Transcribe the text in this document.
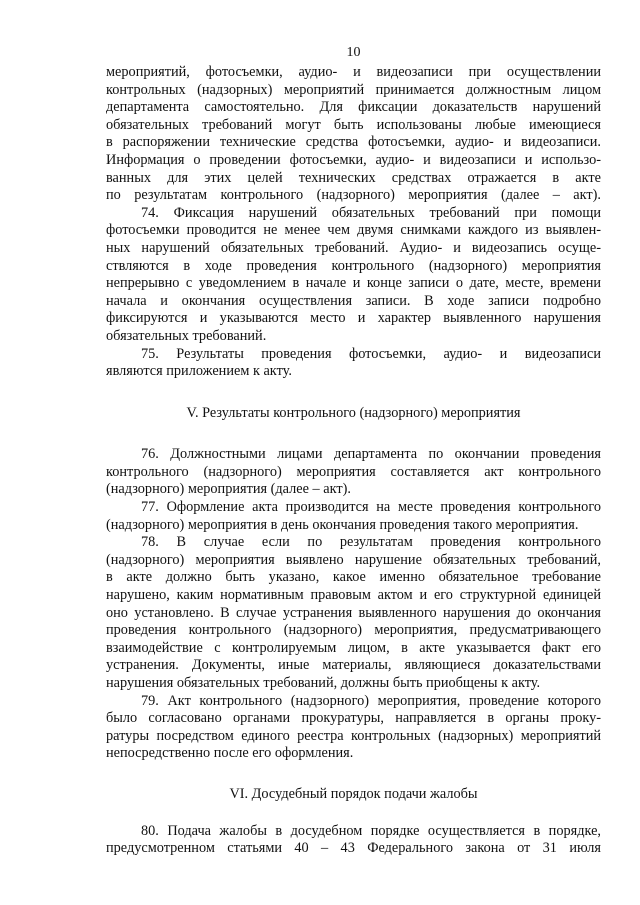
10
мероприятий, фотосъемки, аудио- и видеозаписи при осуществлении
контрольных (надзорных) мероприятий принимается должностным лицом
департамента самостоятельно. Для фиксации доказательств нарушений
обязательных требований могут быть использованы любые имеющиеся
в распоряжении технические средства фотосъемки, аудио- и видеозаписи.
Информация о проведении фотосъемки, аудио- и видеозаписи и использо-
ванных для этих целей технических средствах отражается в акте
по результатам контрольного (надзорного) мероприятия (далее – акт).
74. Фиксация нарушений обязательных требований при помощи
фотосъемки проводится не менее чем двумя снимками каждого из выявлен-
ных нарушений обязательных требований. Аудио- и видеозапись осуще-
ствляются в ходе проведения контрольного (надзорного) мероприятия
непрерывно с уведомлением в начале и конце записи о дате, месте, времени
начала и окончания осуществления записи. В ходе записи подробно
фиксируются и указываются место и характер выявленного нарушения
обязательных требований.
75. Результаты проведения фотосъемки, аудио- и видеозаписи
являются приложением к акту.
V. Результаты контрольного (надзорного) мероприятия
76. Должностными лицами департамента по окончании проведения
контрольного (надзорного) мероприятия составляется акт контрольного
(надзорного) мероприятия (далее – акт).
77. Оформление акта производится на месте проведения контрольного
(надзорного) мероприятия в день окончания проведения такого мероприятия.
78. В случае если по результатам проведения контрольного
(надзорного) мероприятия выявлено нарушение обязательных требований,
в акте должно быть указано, какое именно обязательное требование
нарушено, каким нормативным правовым актом и его структурной единицей
оно установлено. В случае устранения выявленного нарушения до окончания
проведения контрольного (надзорного) мероприятия, предусматривающего
взаимодействие с контролируемым лицом, в акте указывается факт его
устранения. Документы, иные материалы, являющиеся доказательствами
нарушения обязательных требований, должны быть приобщены к акту.
79. Акт контрольного (надзорного) мероприятия, проведение которого
было согласовано органами прокуратуры, направляется в органы проку-
ратуры посредством единого реестра контрольных (надзорных) мероприятий
непосредственно после его оформления.
VI. Досудебный порядок подачи жалобы
80. Подача жалобы в досудебном порядке осуществляется в порядке,
предусмотренном статьями 40 – 43 Федерального закона от 31 июля
